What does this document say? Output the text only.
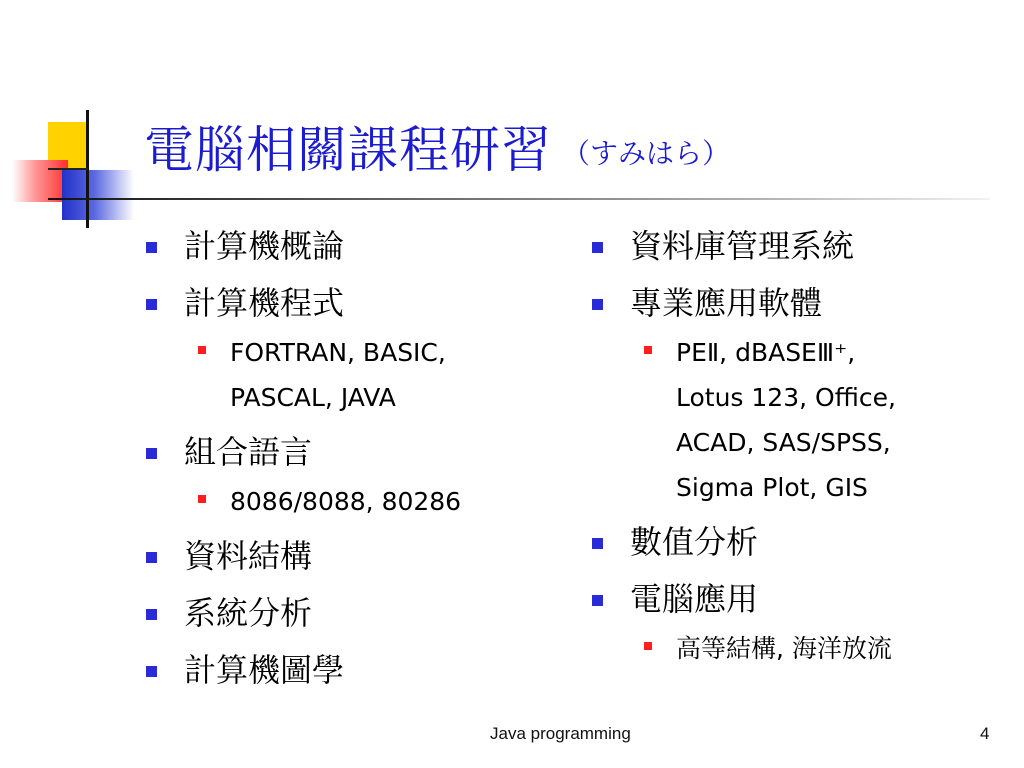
電腦相關課程研習 （すみはら）
計算機概論
計算機程式
FORTRAN, BASIC,
PASCAL, JAVA
組合語言
8086/8088, 80286
資料結構
系統分析
計算機圖學
資料庫管理系統
專業應用軟體
PEⅡ, dBASEⅢ⁺,
Lotus 123, Office,
ACAD, SAS/SPSS,
Sigma Plot, GIS
數值分析
電腦應用
高等結構, 海洋放流
Java programming	4
